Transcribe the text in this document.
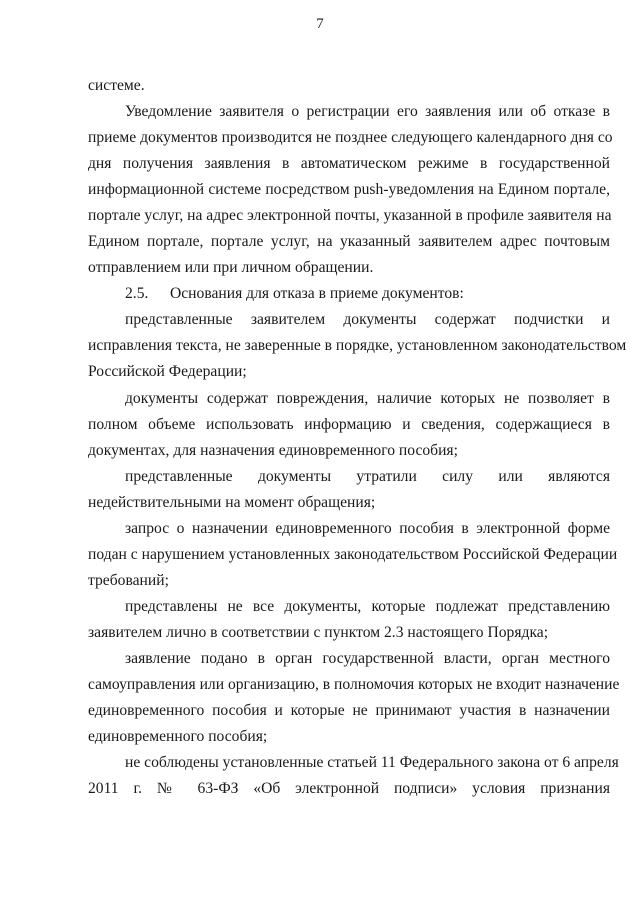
7
системе.
Уведомление заявителя о регистрации его заявления или об отказе в
приеме документов производится не позднее следующего календарного дня со
дня получения заявления в автоматическом режиме в государственной
информационной системе посредством push-уведомления на Едином портале,
портале услуг, на адрес электронной почты, указанной в профиле заявителя на
Едином портале, портале услуг, на указанный заявителем адрес почтовым
отправлением или при личном обращении.
2.5. Основания для отказа в приеме документов:
представленные заявителем документы содержат подчистки и
исправления текста, не заверенные в порядке, установленном законодательством
Российской Федерации;
документы содержат повреждения, наличие которых не позволяет в
полном объеме использовать информацию и сведения, содержащиеся в
документах, для назначения единовременного пособия;
представленные документы утратили силу или являются
недействительными на момент обращения;
запрос о назначении единовременного пособия в электронной форме
подан с нарушением установленных законодательством Российской Федерации
требований;
представлены не все документы, которые подлежат представлению
заявителем лично в соответствии с пунктом 2.3 настоящего Порядка;
заявление подано в орган государственной власти, орган местного
самоуправления или организацию, в полномочия которых не входит назначение
единовременного пособия и которые не принимают участия в назначении
единовременного пособия;
не соблюдены установленные статьей 11 Федерального закона от 6 апреля
2011 г. № 63-ФЗ «Об электронной подписи» условия признания
